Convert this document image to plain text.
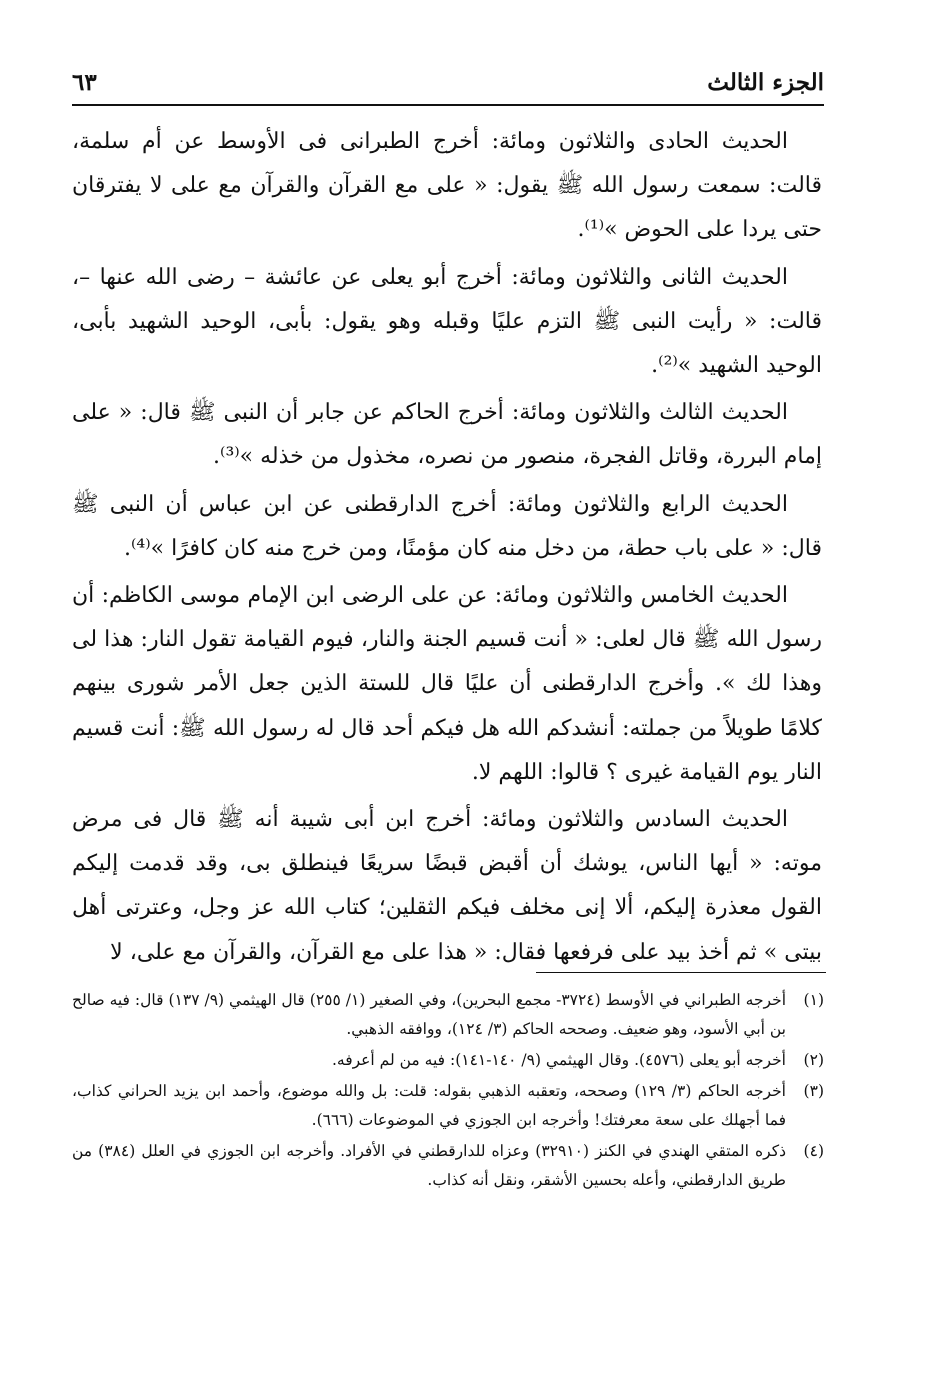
الجزء الثالث
٦٣

الحديث الحادى والثلاثون ومائة: أخرج الطبرانى فى الأوسط عن أم سلمة، قالت: سمعت رسول الله ﷺ يقول: « على مع القرآن والقرآن مع على لا يفترقان حتى يردا على الحوض »⁽¹⁾.

الحديث الثانى والثلاثون ومائة: أخرج أبو يعلى عن عائشة – رضى الله عنها –، قالت: « رأيت النبى ﷺ التزم عليًا وقبله وهو يقول: بأبى، الوحيد الشهيد بأبى، الوحيد الشهيد »⁽²⁾.

الحديث الثالث والثلاثون ومائة: أخرج الحاكم عن جابر أن النبى ﷺ قال: « على إمام البررة، وقاتل الفجرة، منصور من نصره، مخذول من خذله »⁽³⁾.

الحديث الرابع والثلاثون ومائة: أخرج الدارقطنى عن ابن عباس أن النبى ﷺ قال: « على باب حطة، من دخل منه كان مؤمنًا، ومن خرج منه كان كافرًا »⁽⁴⁾.

الحديث الخامس والثلاثون ومائة: عن على الرضى ابن الإمام موسى الكاظم: أن رسول الله ﷺ قال لعلى: « أنت قسيم الجنة والنار، فيوم القيامة تقول النار: هذا لى وهذا لك ». وأخرج الدارقطنى أن عليًا قال للستة الذين جعل الأمر شورى بينهم كلامًا طويلاً من جملته: أنشدكم الله هل فيكم أحد قال له رسول الله ﷺ: أنت قسيم النار يوم القيامة غيرى ؟ قالوا: اللهم لا.

الحديث السادس والثلاثون ومائة: أخرج ابن أبى شيبة أنه ﷺ قال فى مرض موته: « أيها الناس، يوشك أن أقبض قبضًا سريعًا فينطلق بى، وقد قدمت إليكم القول معذرة إليكم، ألا إنى مخلف فيكم الثقلين؛ كتاب الله عز وجل، وعترتى أهل بيتى » ثم أخذ بيد على فرفعها فقال: « هذا على مع القرآن، والقرآن مع على، لا

(١)
أخرجه الطبراني في الأوسط (٣٧٢٤- مجمع البحرين)، وفي الصغير (١/ ٢٥٥) قال الهيثمي (٩/ ١٣٧) قال: فيه صالح بن أبي الأسود، وهو ضعيف. وصححه الحاكم (٣/ ١٢٤)، ووافقه الذهبي.
(٢)
أخرجه أبو يعلى (٤٥٧٦). وقال الهيثمي (٩/ ١٤٠-١٤١): فيه من لم أعرفه.
(٣)
أخرجه الحاكم (٣/ ١٢٩) وصححه، وتعقبه الذهبي بقوله: قلت: بل والله موضوع، وأحمد ابن يزيد الحراني كذاب، فما أجهلك على سعة معرفتك! وأخرجه ابن الجوزي في الموضوعات (٦٦٦).
(٤)
ذكره المتقي الهندي في الكنز (٣٢٩١٠) وعزاه للدارقطني في الأفراد. وأخرجه ابن الجوزي في العلل (٣٨٤) من طريق الدارقطني، وأعله بحسين الأشقر، ونقل أنه كذاب.
